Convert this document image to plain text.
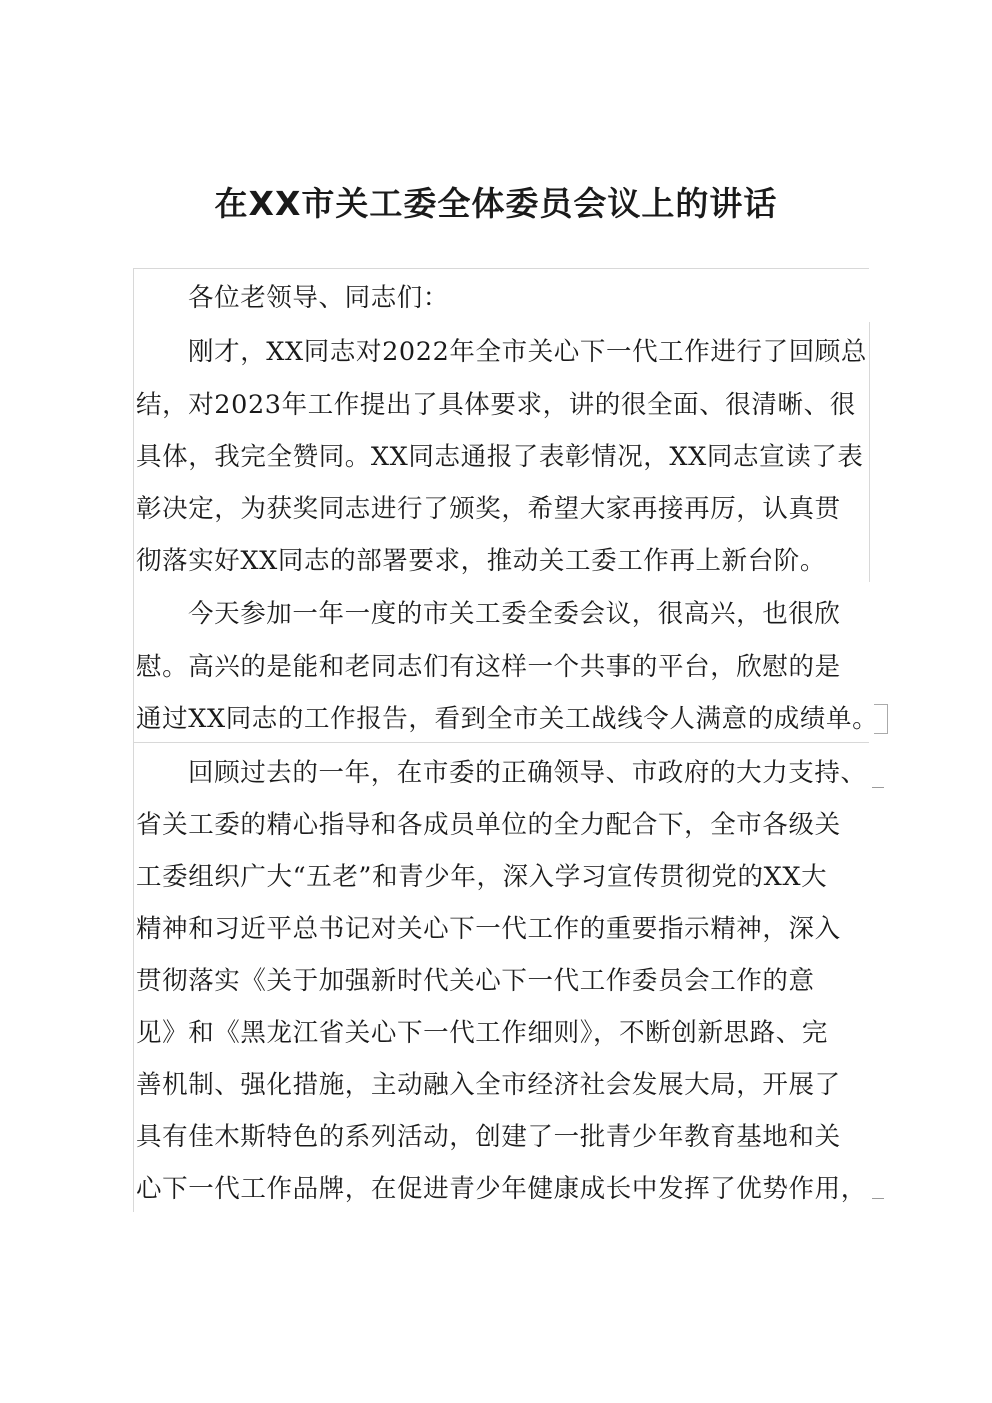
在XX市关工委全体委员会议上的讲话
各位老领导、同志们：
刚才，XX同志对2022年全市关心下一代工作进行了回顾总
结，对2023年工作提出了具体要求，讲的很全面、很清晰、很
具体，我完全赞同。XX同志通报了表彰情况，XX同志宣读了表
彰决定，为获奖同志进行了颁奖，希望大家再接再厉，认真贯
彻落实好XX同志的部署要求，推动关工委工作再上新台阶。
今天参加一年一度的市关工委全委会议，很高兴，也很欣
慰。高兴的是能和老同志们有这样一个共事的平台，欣慰的是
通过XX同志的工作报告，看到全市关工战线令人满意的成绩单。
回顾过去的一年，在市委的正确领导、市政府的大力支持、
省关工委的精心指导和各成员单位的全力配合下，全市各级关
工委组织广大“五老”和青少年，深入学习宣传贯彻党的XX大
精神和习近平总书记对关心下一代工作的重要指示精神，深入
贯彻落实《关于加强新时代关心下一代工作委员会工作的意
见》和《黑龙江省关心下一代工作细则》，不断创新思路、完
善机制、强化措施，主动融入全市经济社会发展大局，开展了
具有佳木斯特色的系列活动，创建了一批青少年教育基地和关
心下一代工作品牌，在促进青少年健康成长中发挥了优势作用，
